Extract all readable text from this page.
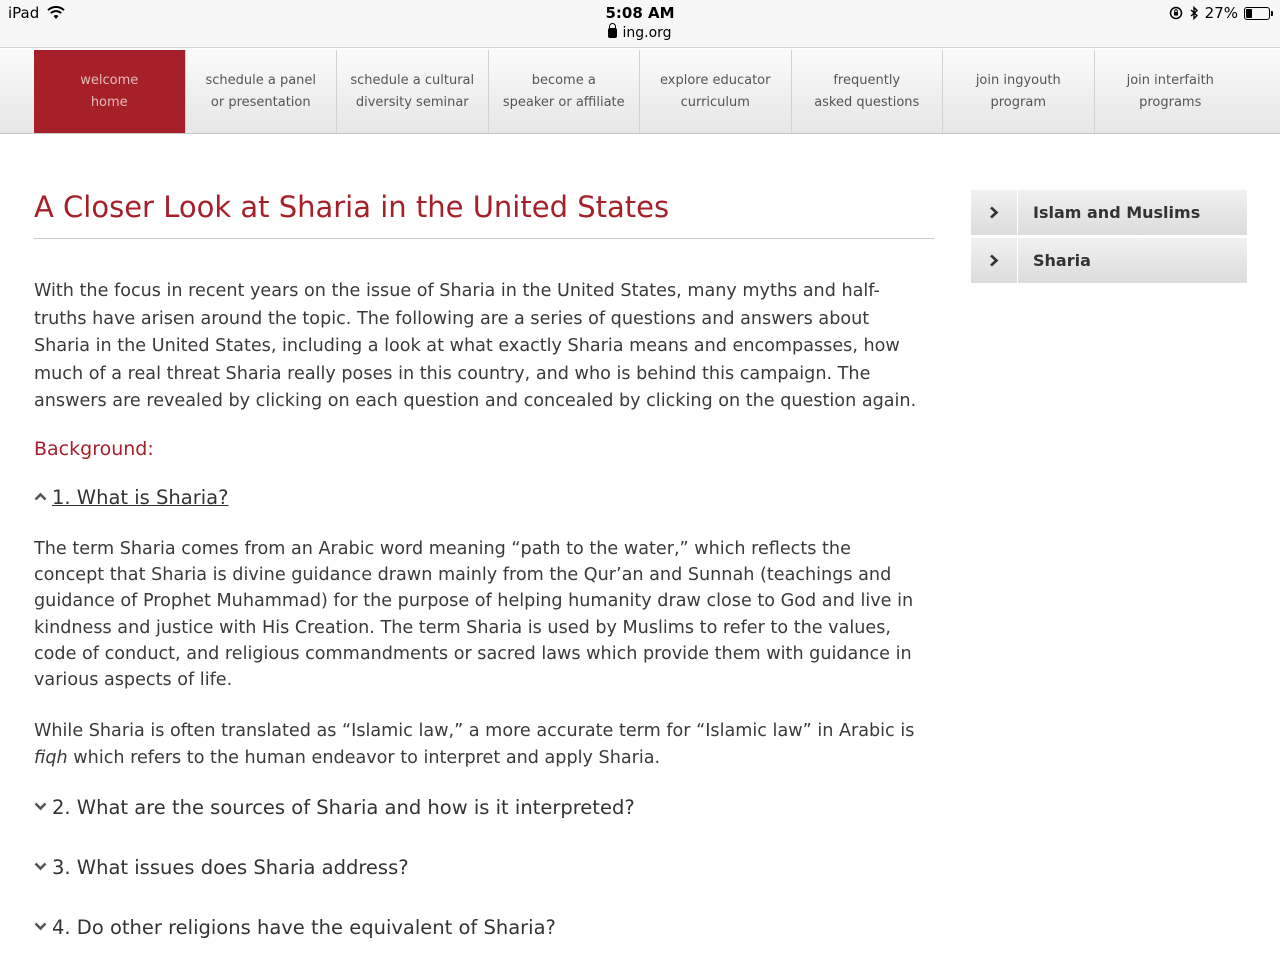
iPad	5:08 AM
ing.org
27%
welcome
home
schedule a panel
or presentation
schedule a cultural
diversity seminar
become a
speaker or affiliate
explore educator
curriculum
frequently
asked questions
join ingyouth
program
join interfaith
programs
A Closer Look at Sharia in the United States

With the focus in recent years on the issue of Sharia in the United States, many myths and half-truths have arisen around the topic. The following are a series of questions and answers about Sharia in the United States, including a look at what exactly Sharia means and encompasses, how much of a real threat Sharia really poses in this country, and who is behind this campaign. The answers are revealed by clicking on each question and concealed by clicking on the question again.

Background:
1. What is Sharia?

The term Sharia comes from an Arabic word meaning “path to the water,” which reflects the concept that Sharia is divine guidance drawn mainly from the Qur’an and Sunnah (teachings and guidance of Prophet Muhammad) for the purpose of helping humanity draw close to God and live in kindness and justice with His Creation. The term Sharia is used by Muslims to refer to the values, code of conduct, and religious commandments or sacred laws which provide them with guidance in various aspects of life.

While Sharia is often translated as “Islamic law,” a more accurate term for “Islamic law” in Arabic is fiqh which refers to the human endeavor to interpret and apply Sharia.

2. What are the sources of Sharia and how is it interpreted?
3. What issues does Sharia address?
4. Do other religions have the equivalent of Sharia?
Islam and Muslims
Sharia
